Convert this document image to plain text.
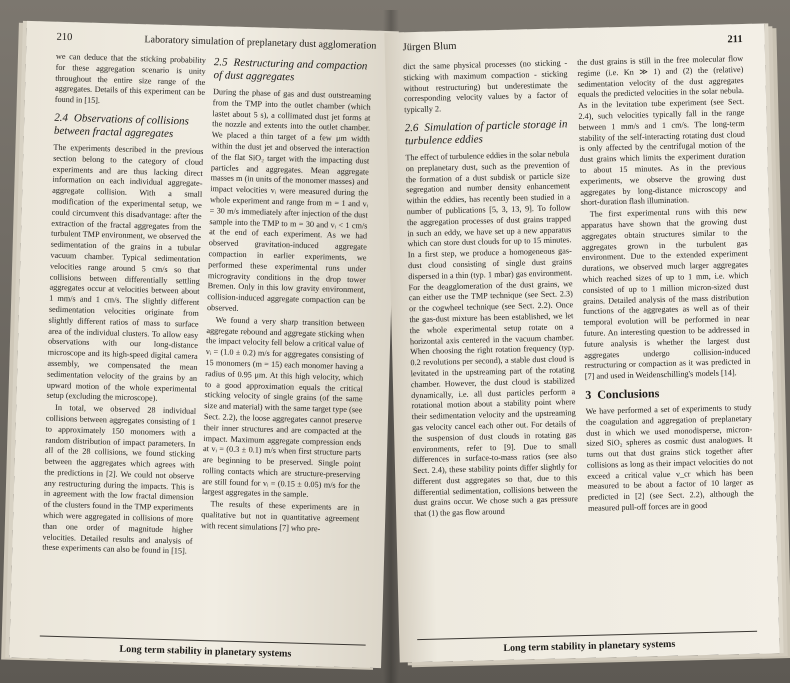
210	Laboratory simulation of preplanetary dust agglomeration

we can deduce that the sticking probability for these aggregation scenario is unity throughout the entire size range of the aggregates. Details of this experiment can be found in [15].

2.4 Observations of collisions between fractal aggregates

The experiments described in the previous section belong to the category of cloud experiments and are thus lacking direct information on each individual aggregate-aggregate collision. With a small modification of the experimental setup, we could circumvent this disadvantage: after the extraction of the fractal aggregates from the turbulent TMP environment, we observed the sedimentation of the grains in a tubular vacuum chamber. Typical sedimentation velocities range around 5 cm/s so that collisions between differentially settling aggregates occur at velocities between about 1 mm/s and 1 cm/s. The slightly different sedimentation velocities originate from slightly different ratios of mass to surface area of the individual clusters. To allow easy observations with our long-distance microscope and its high-speed digital camera assembly, we compensated the mean sedimentation velocity of the grains by an upward motion of the whole experimental setup (excluding the microscope).

In total, we observed 28 individual collisions between aggregates consisting of 1 to approximately 150 monomers with a random distribution of impact parameters. In all of the 28 collisions, we found sticking between the aggregates which agrees with the predictions in [2]. We could not observe any restructuring during the impacts. This is in agreement with the low fractal dimension of the clusters found in the TMP experiments which were aggregated in collisions of more than one order of magnitude higher velocities. Detailed results and analysis of these experiments can also be found in [15].

2.5 Restructuring and compaction of dust aggregates

During the phase of gas and dust outstreaming from the TMP into the outlet chamber (which lastet about 5 s), a collimated dust jet forms at the nozzle and extents into the outlet chamber. We placed a thin target of a few μm width within the dust jet and observed the interaction of the flat SiO₂ target with the impacting dust particles and aggregates. Mean aggregate masses m (in units of the monomer masses) and impact velocities vᵢ were measured during the whole experiment and range from m = 1 and vᵢ = 30 m/s immediately after injection of the dust sample into the TMP to m = 30 and vᵢ < 1 cm/s at the end of each experiment. As we had observed gravitation-induced aggregate compaction in earlier experiments, we performed these experimental runs under microgravity conditions in the drop tower Bremen. Only in this low gravity environment, collision-induced aggregate compaction can be observed.

We found a very sharp transition between aggregate rebound and aggregate sticking when the impact velocity fell below a critical value of vᵢ = (1.0 ± 0.2) m/s for aggregates consisting of 15 monomers (m = 15) each monomer having a radius of 0.95 μm. At this high velocity, which to a good approximation equals the critical sticking velocity of single grains (of the same size and material) with the same target type (see Sect. 2.2), the loose aggregates cannot preserve their inner structures and are compacted at the impact. Maximum aggregate compression ends at vᵢ = (0.3 ± 0.1) m/s when first structure parts are beginning to be preserved. Single point rolling contacts which are structure-preserving are still found for vᵢ = (0.15 ± 0.05) m/s for the largest aggregates in the sample.

The results of these experiments are in qualitative but not in quantitative agreement with recent simulations [7] who pre-

Long term stability in planetary systems
Jürgen Blum
211

dict the same physical processes (no sticking - sticking with maximum compaction - sticking without restructuring) but underestimate the corresponding velocity values by a factor of typically 2.

2.6 Simulation of particle storage in turbulence eddies

The effect of turbulence eddies in the solar nebula on preplanetary dust, such as the prevention of the formation of a dust subdisk or particle size segregation and number density enhancement within the eddies, has recently been studied in a number of publications [5, 3, 13, 9]. To follow the aggregation processes of dust grains trapped in such an eddy, we have set up a new apparatus which can store dust clouds for up to 15 minutes. In a first step, we produce a homogeneous gas-dust cloud consisting of single dust grains dispersed in a thin (typ. 1 mbar) gas environment. For the deagglomeration of the dust grains, we can either use the TMP technique (see Sect. 2.3) or the cogwheel technique (see Sect. 2.2). Once the gas-dust mixture has been established, we let the whole experimental setup rotate on a horizontal axis centered in the vacuum chamber. When choosing the right rotation frequency (typ. 0.2 revolutions per second), a stable dust cloud is levitated in the upstreaming part of the rotating chamber. However, the dust cloud is stabilized dynamically, i.e. all dust particles perform a rotational motion about a stability point where their sedimentation velocity and the upstreaming gas velocity cancel each other out. For details of the suspension of dust clouds in rotating gas environments, refer to [9]. Due to small differences in surface-to-mass ratios (see also Sect. 2.4), these stability points differ slightly for different dust aggregates so that, due to this differential sedimentation, collisions between the dust grains occur. We chose such a gas pressure that (1) the gas flow around

the dust grains is still in the free molecular flow regime (i.e. Kn ≫ 1) and (2) the (relative) sedimentation velocity of the dust aggregates equals the predicted velocities in the solar nebula. As in the levitation tube experiment (see Sect. 2.4), such velocities typically fall in the range between 1 mm/s and 1 cm/s. The long-term stability of the self-interacting rotating dust cloud is only affected by the centrifugal motion of the dust grains which limits the experiment duration to about 15 minutes. As in the previous experiments, we observe the growing dust aggregates by long-distance microscopy and short-duration flash illumination.

The first experimental runs with this new apparatus have shown that the growing dust aggregates obtain structures similar to the aggregates grown in the turbulent gas environment. Due to the extended experiment durations, we observed much larger aggregates which reached sizes of up to 1 mm, i.e. which consisted of up to 1 million micron-sized dust grains. Detailed analysis of the mass distribution functions of the aggregates as well as of their temporal evolution will be performed in near future. An interesting question to be addressed in future analysis is whether the largest dust aggregates undergo collision-induced restructuring or compaction as it was predicted in [7] and used in Weidenschilling's models [14].

3 Conclusions

We have performed a set of experiments to study the coagulation and aggregation of preplanetary dust in which we used monodisperse, micron-sized SiO₂ spheres as cosmic dust analogues. It turns out that dust grains stick together after collisions as long as their impact velocities do not exceed a critical value v_cr which has been measured to be about a factor of 10 larger as predicted in [2] (see Sect. 2.2), although the measured pull-off forces are in good

Long term stability in planetary systems
